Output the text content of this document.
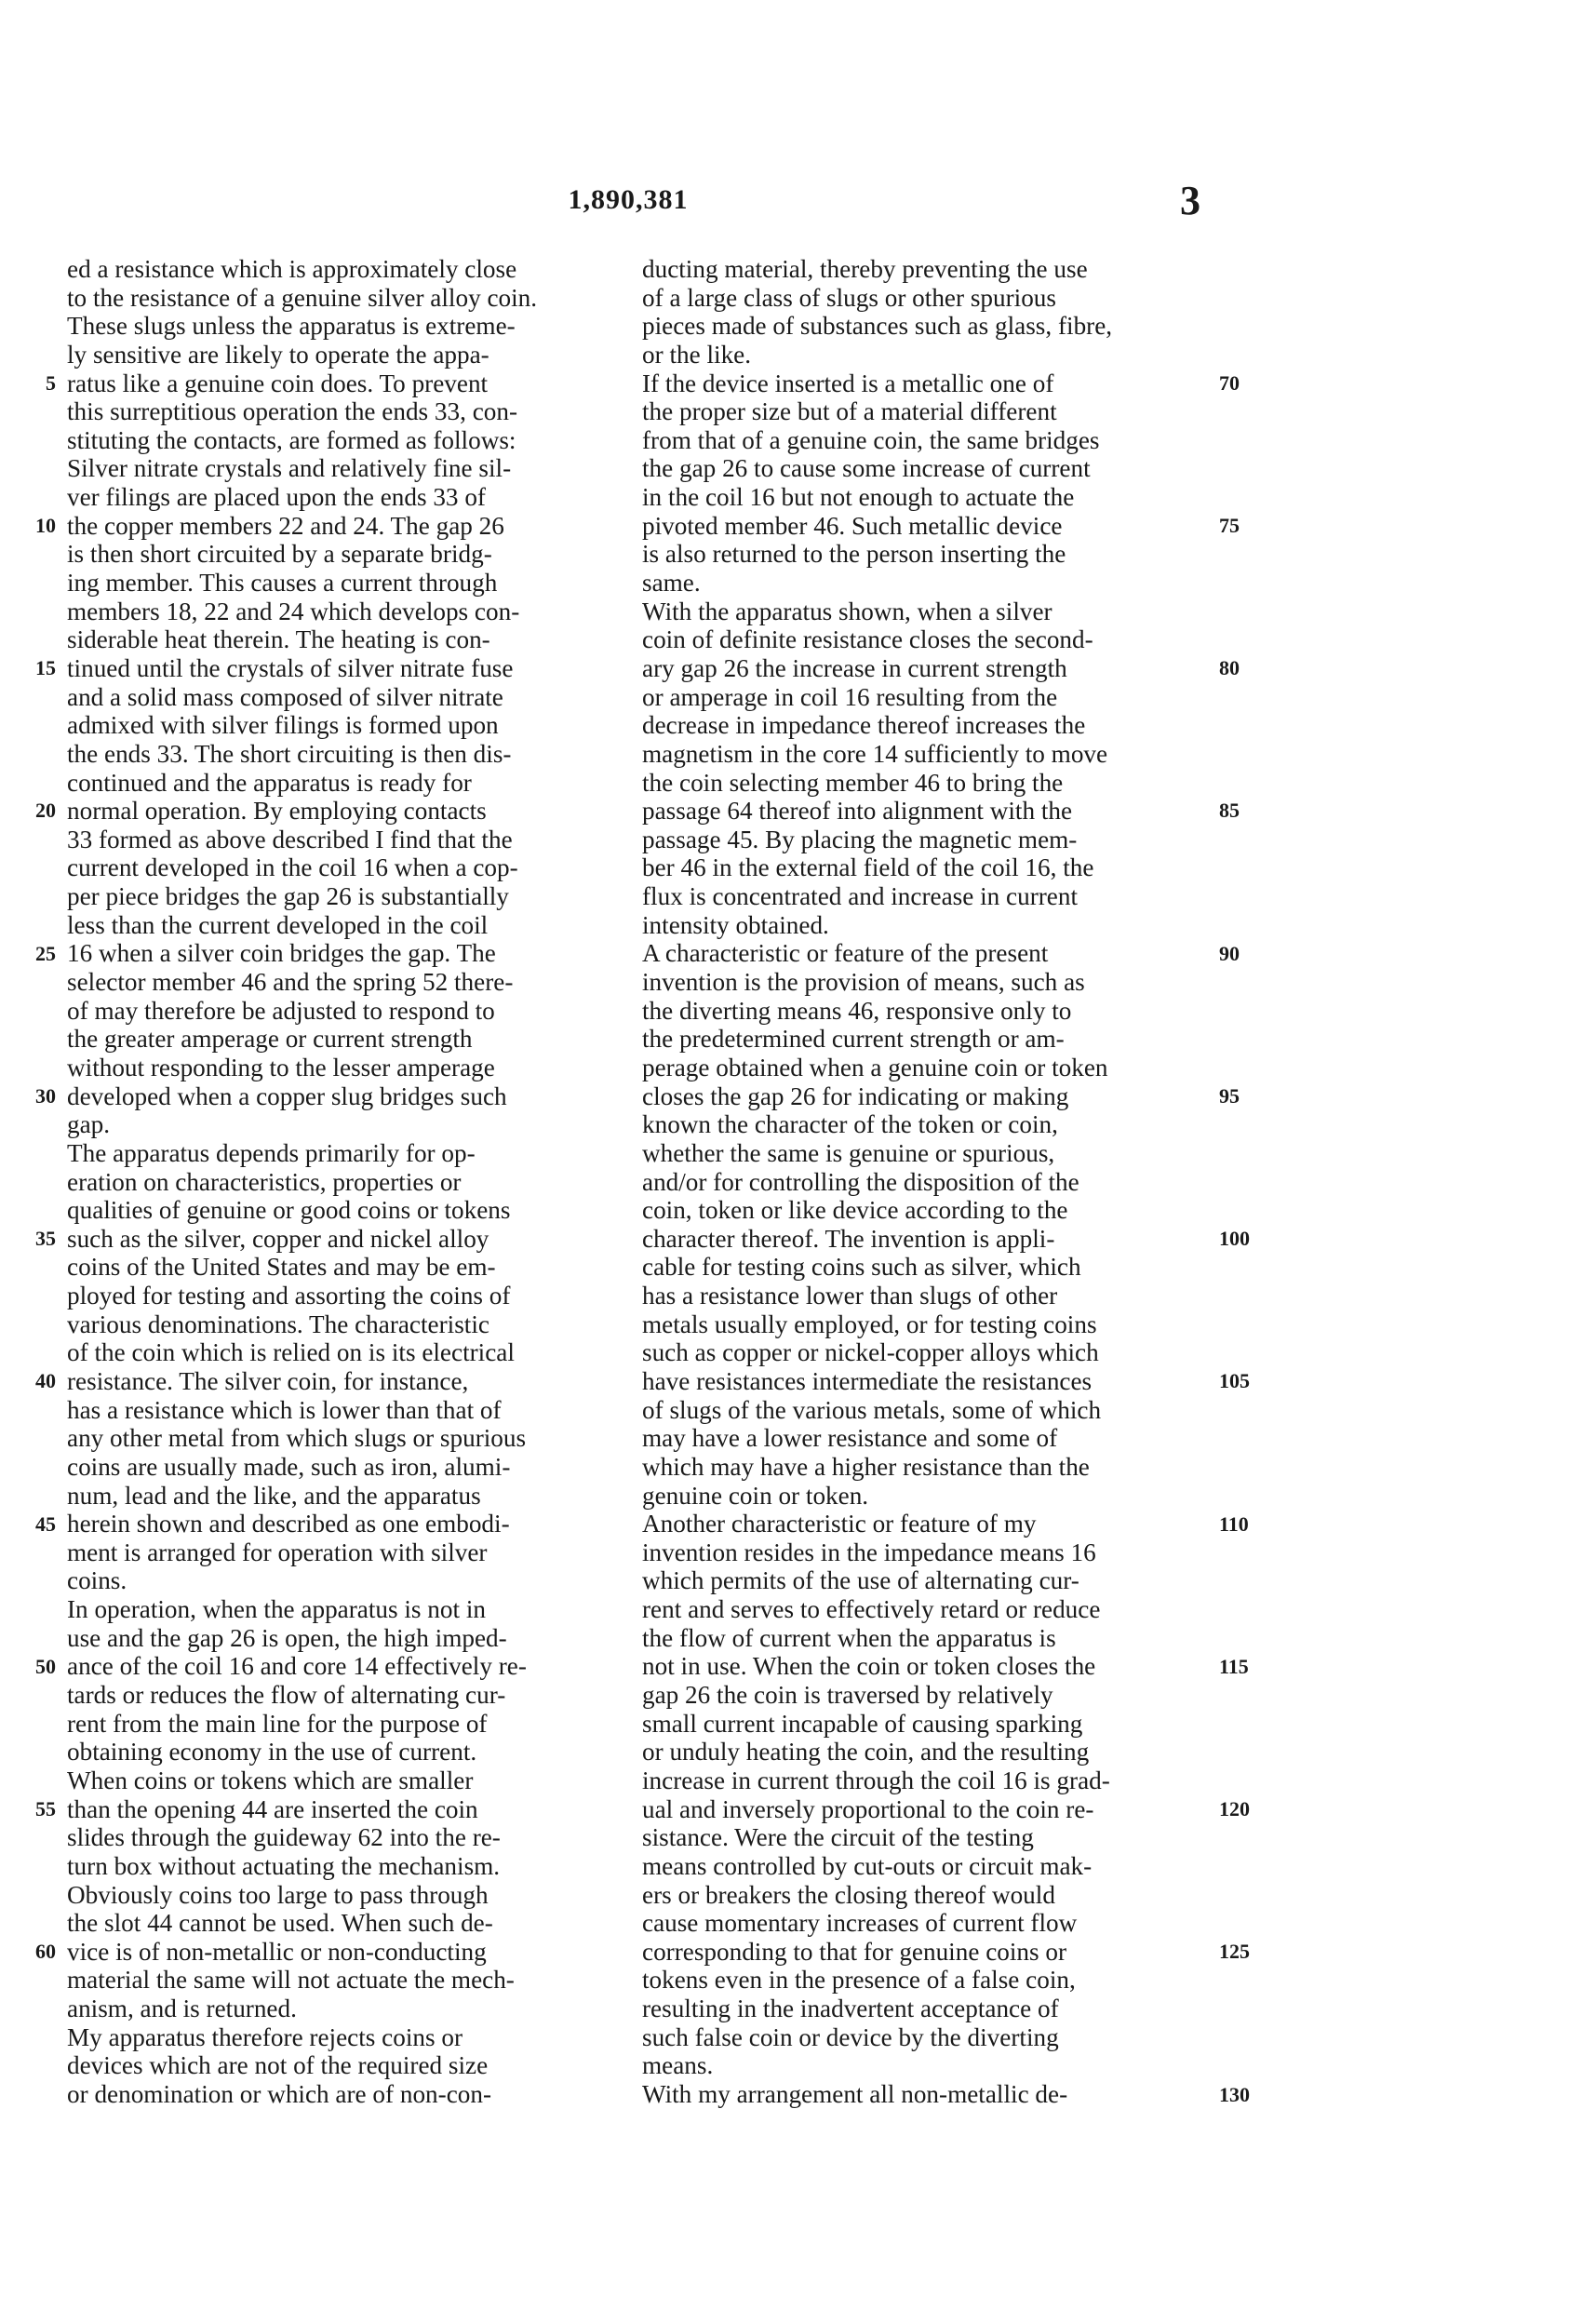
1,890,381	3
ed a resistance which is approximately close
to the resistance of a genuine silver alloy coin.
These slugs unless the apparatus is extreme-
ly sensitive are likely to operate the appa-
ratus like a genuine coin does. To prevent
this surreptitious operation the ends 33, con-
stituting the contacts, are formed as follows:
Silver nitrate crystals and relatively fine sil-
ver filings are placed upon the ends 33 of
the copper members 22 and 24. The gap 26
is then short circuited by a separate bridg-
ing member. This causes a current through
members 18, 22 and 24 which develops con-
siderable heat therein. The heating is con-
tinued until the crystals of silver nitrate fuse
and a solid mass composed of silver nitrate
admixed with silver filings is formed upon
the ends 33. The short circuiting is then dis-
continued and the apparatus is ready for
normal operation. By employing contacts
33 formed as above described I find that the
current developed in the coil 16 when a cop-
per piece bridges the gap 26 is substantially
less than the current developed in the coil
16 when a silver coin bridges the gap. The
selector member 46 and the spring 52 there-
of may therefore be adjusted to respond to
the greater amperage or current strength
without responding to the lesser amperage
developed when a copper slug bridges such
gap.
The apparatus depends primarily for op-
eration on characteristics, properties or
qualities of genuine or good coins or tokens
such as the silver, copper and nickel alloy
coins of the United States and may be em-
ployed for testing and assorting the coins of
various denominations. The characteristic
of the coin which is relied on is its electrical
resistance. The silver coin, for instance,
has a resistance which is lower than that of
any other metal from which slugs or spurious
coins are usually made, such as iron, alumi-
num, lead and the like, and the apparatus
herein shown and described as one embodi-
ment is arranged for operation with silver
coins.
In operation, when the apparatus is not in
use and the gap 26 is open, the high imped-
ance of the coil 16 and core 14 effectively re-
tards or reduces the flow of alternating cur-
rent from the main line for the purpose of
obtaining economy in the use of current.
When coins or tokens which are smaller
than the opening 44 are inserted the coin
slides through the guideway 62 into the re-
turn box without actuating the mechanism.
Obviously coins too large to pass through
the slot 44 cannot be used. When such de-
vice is of non-metallic or non-conducting
material the same will not actuate the mech-
anism, and is returned.
My apparatus therefore rejects coins or
devices which are not of the required size
or denomination or which are of non-con-
ducting material, thereby preventing the use
of a large class of slugs or other spurious
pieces made of substances such as glass, fibre,
or the like.
If the device inserted is a metallic one of
the proper size but of a material different
from that of a genuine coin, the same bridges
the gap 26 to cause some increase of current
in the coil 16 but not enough to actuate the
pivoted member 46. Such metallic device
is also returned to the person inserting the
same.
With the apparatus shown, when a silver
coin of definite resistance closes the second-
ary gap 26 the increase in current strength
or amperage in coil 16 resulting from the
decrease in impedance thereof increases the
magnetism in the core 14 sufficiently to move
the coin selecting member 46 to bring the
passage 64 thereof into alignment with the
passage 45. By placing the magnetic mem-
ber 46 in the external field of the coil 16, the
flux is concentrated and increase in current
intensity obtained.
A characteristic or feature of the present
invention is the provision of means, such as
the diverting means 46, responsive only to
the predetermined current strength or am-
perage obtained when a genuine coin or token
closes the gap 26 for indicating or making
known the character of the token or coin,
whether the same is genuine or spurious,
and/or for controlling the disposition of the
coin, token or like device according to the
character thereof. The invention is appli-
cable for testing coins such as silver, which
has a resistance lower than slugs of other
metals usually employed, or for testing coins
such as copper or nickel-copper alloys which
have resistances intermediate the resistances
of slugs of the various metals, some of which
may have a lower resistance and some of
which may have a higher resistance than the
genuine coin or token.
Another characteristic or feature of my
invention resides in the impedance means 16
which permits of the use of alternating cur-
rent and serves to effectively retard or reduce
the flow of current when the apparatus is
not in use. When the coin or token closes the
gap 26 the coin is traversed by relatively
small current incapable of causing sparking
or unduly heating the coin, and the resulting
increase in current through the coil 16 is grad-
ual and inversely proportional to the coin re-
sistance. Were the circuit of the testing
means controlled by cut-outs or circuit mak-
ers or breakers the closing thereof would
cause momentary increases of current flow
corresponding to that for genuine coins or
tokens even in the presence of a false coin,
resulting in the inadvertent acceptance of
such false coin or device by the diverting
means.
With my arrangement all non-metallic de-
5
10
15
20
25
30
35
40
45
50
55
60
70
75
80
85
90
95
100
105
110
115
120
125
130
